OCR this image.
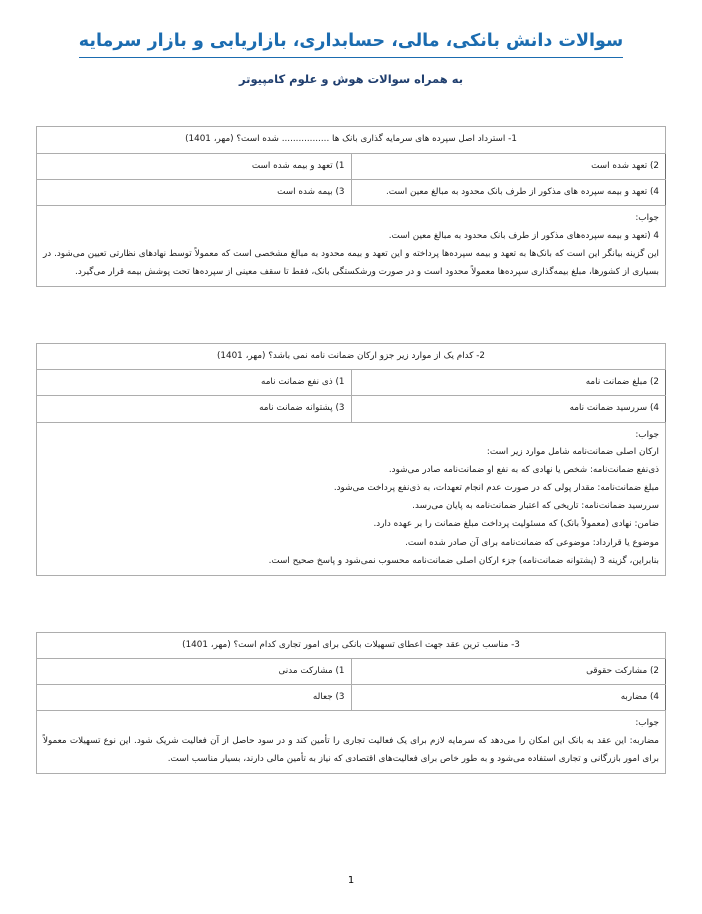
سوالات دانش بانکی، مالی، حسابداری، بازاریابی و بازار سرمایه
به همراه سوالات هوش و علوم کامپیوتر
1- استرداد اصل سپرده های سرمایه گذاری بانک ها ................. شده است؟ (مهر، 1401)	
2) تعهد شده است	1) تعهد و بیمه شده است
4) تعهد و بیمه سپرده های مذکور از طرف بانک محدود به مبالغ معین است.	3) بیمه شده است

جواب:
4 (تعهد و بیمه سپرده‌های مذکور از طرف بانک محدود به مبالغ معین است.
این گزینه بیانگر این است که بانک‌ها به تعهد و بیمه سپرده‌ها پرداخته و این تعهد و بیمه محدود به مبالغ مشخصی است که معمولاً توسط نهادهای نظارتی تعیین می‌شود. در بسیاری از کشورها، مبلغ بیمه‌گذاری سپرده‌ها معمولاً محدود است و در صورت ورشکستگی بانک، فقط تا سقف معینی از سپرده‌ها تحت پوشش بیمه قرار می‌گیرد.	
2- کدام یک از موارد زیر جزو ارکان ضمانت نامه نمی باشد؟ (مهر، 1401)	
2) مبلغ ضمانت نامه	1) ذی نفع ضمانت نامه
4) سررسید ضمانت نامه	3) پشتوانه ضمانت نامه

جواب:
ارکان اصلی ضمانت‌نامه شامل موارد زیر است:
ذی‌نفع ضمانت‌نامه: شخص یا نهادی که به نفع او ضمانت‌نامه صادر می‌شود.
مبلغ ضمانت‌نامه: مقدار پولی که در صورت عدم انجام تعهدات، به ذی‌نفع پرداخت می‌شود.
سررسید ضمانت‌نامه: تاریخی که اعتبار ضمانت‌نامه به پایان می‌رسد.
ضامن: نهادی (معمولاً بانک) که مسئولیت پرداخت مبلغ ضمانت را بر عهده دارد.
موضوع یا قرارداد: موضوعی که ضمانت‌نامه برای آن صادر شده است.
بنابراین، گزینه 3 (پشتوانه ضمانت‌نامه) جزء ارکان اصلی ضمانت‌نامه محسوب نمی‌شود و پاسخ صحیح است.
3- مناسب ترین عقد جهت اعطای تسهیلات بانکی برای امور تجاری کدام است؟ (مهر، 1401)	
2) مشارکت حقوقی	1) مشارکت مدنی
4) مضاربه	3) جعاله

جواب:
مضاربه: این عقد به بانک این امکان را می‌دهد که سرمایه لازم برای یک فعالیت تجاری را تأمین کند و در سود حاصل از آن فعالیت شریک شود. این نوع تسهیلات معمولاً برای امور بازرگانی و تجاری استفاده می‌شود و به طور خاص برای فعالیت‌های اقتصادی که نیاز به تأمین مالی دارند، بسیار مناسب است.	
1
